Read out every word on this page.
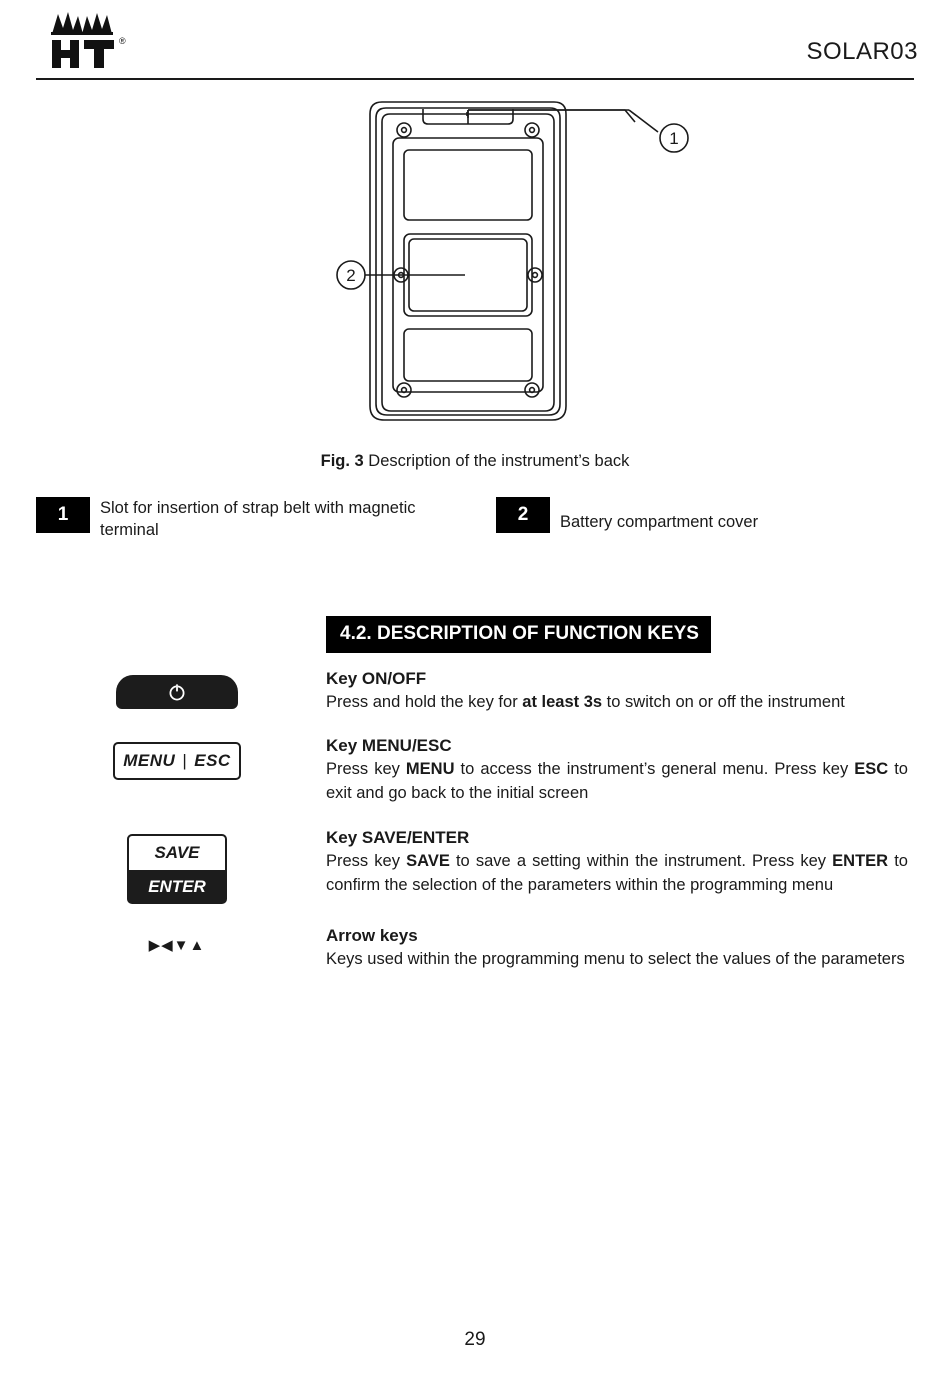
®	SOLAR03
1
2
Fig. 3 Description of the instrument’s back
1	Slot for insertion of strap belt with magnetic terminal
2	Battery compartment cover
4.2. DESCRIPTION OF FUNCTION KEYS
Key ON/OFF
Press and hold the key for at least 3s to switch on or off the instrument
MENU | ESC
Key MENU/ESC
Press key MENU to access the instrument’s general menu. Press key ESC to exit and go back to the initial screen
SAVE
ENTER
Key SAVE/ENTER
Press key SAVE to save a setting within the instrument. Press key ENTER to confirm the selection of the parameters within the programming menu
▶◀▼▲
Arrow keys
Keys used within the programming menu to select the values of the parameters
29
